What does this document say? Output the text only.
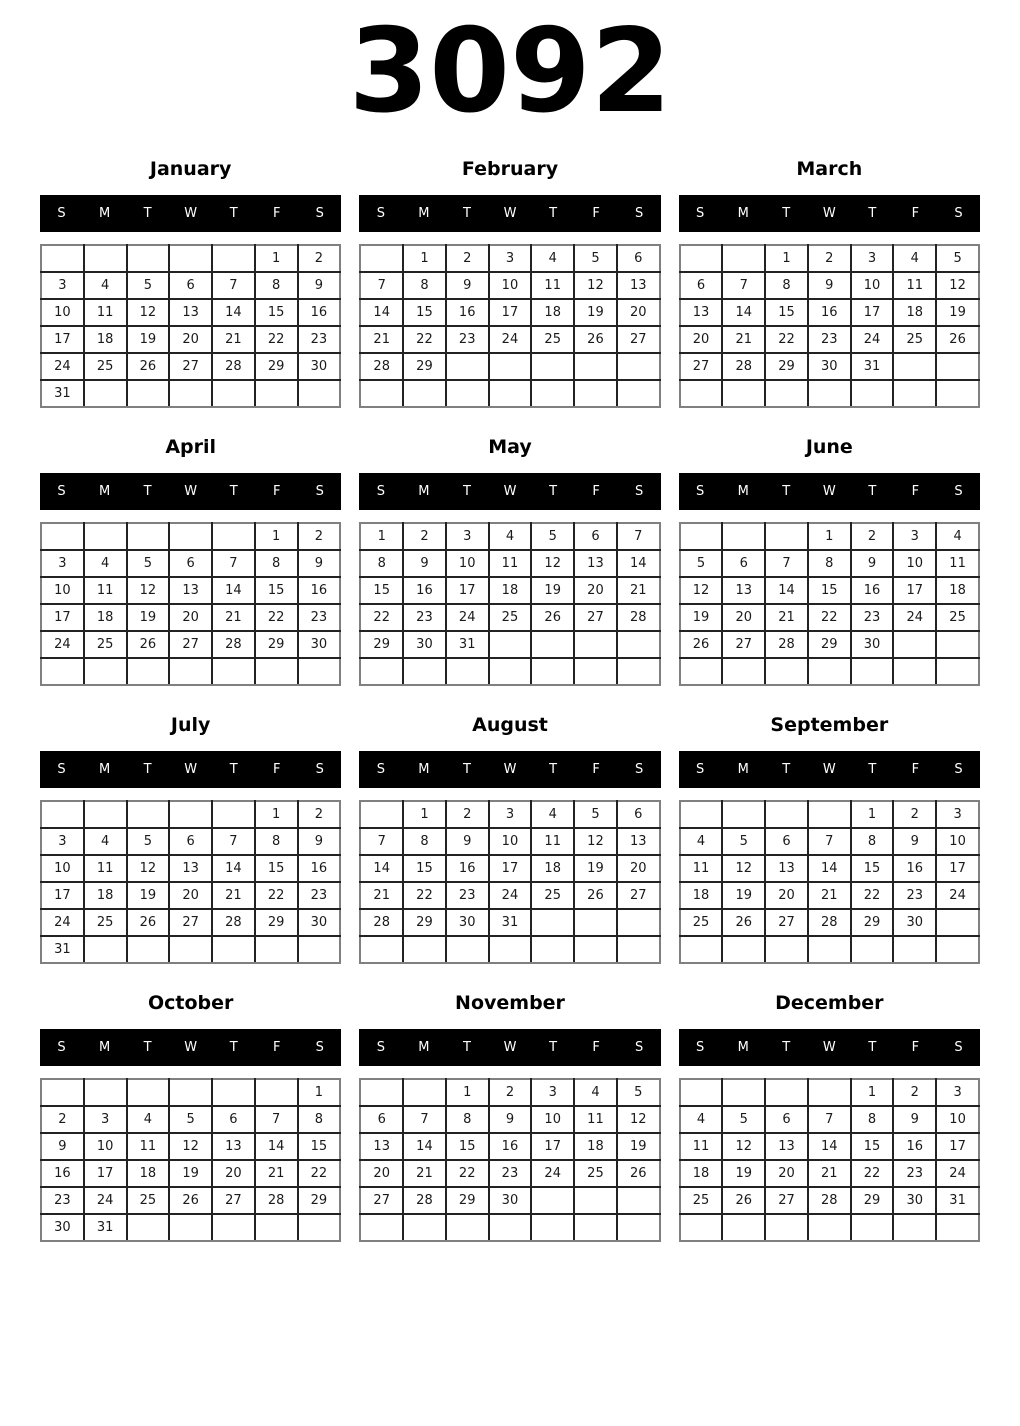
3092
January
S	M	T	W	T	F	S
					1	2
3	4	5	6	7	8	9
10	11	12	13	14	15	16
17	18	19	20	21	22	23
24	25	26	27	28	29	30
31						
February
S	M	T	W	T	F	S
	1	2	3	4	5	6
7	8	9	10	11	12	13
14	15	16	17	18	19	20
21	22	23	24	25	26	27
28	29					

March
S	M	T	W	T	F	S
		1	2	3	4	5
6	7	8	9	10	11	12
13	14	15	16	17	18	19
20	21	22	23	24	25	26
27	28	29	30	31		

April
S	M	T	W	T	F	S
					1	2
3	4	5	6	7	8	9
10	11	12	13	14	15	16
17	18	19	20	21	22	23
24	25	26	27	28	29	30

May
S	M	T	W	T	F	S
1	2	3	4	5	6	7
8	9	10	11	12	13	14
15	16	17	18	19	20	21
22	23	24	25	26	27	28
29	30	31				

June
S	M	T	W	T	F	S
			1	2	3	4
5	6	7	8	9	10	11
12	13	14	15	16	17	18
19	20	21	22	23	24	25
26	27	28	29	30		

July
S	M	T	W	T	F	S
					1	2
3	4	5	6	7	8	9
10	11	12	13	14	15	16
17	18	19	20	21	22	23
24	25	26	27	28	29	30
31						
August
S	M	T	W	T	F	S
	1	2	3	4	5	6
7	8	9	10	11	12	13
14	15	16	17	18	19	20
21	22	23	24	25	26	27
28	29	30	31			

September
S	M	T	W	T	F	S
				1	2	3
4	5	6	7	8	9	10
11	12	13	14	15	16	17
18	19	20	21	22	23	24
25	26	27	28	29	30	

October
S	M	T	W	T	F	S
						1
2	3	4	5	6	7	8
9	10	11	12	13	14	15
16	17	18	19	20	21	22
23	24	25	26	27	28	29
30	31					
November
S	M	T	W	T	F	S
		1	2	3	4	5
6	7	8	9	10	11	12
13	14	15	16	17	18	19
20	21	22	23	24	25	26
27	28	29	30			

December
S	M	T	W	T	F	S
				1	2	3
4	5	6	7	8	9	10
11	12	13	14	15	16	17
18	19	20	21	22	23	24
25	26	27	28	29	30	31
